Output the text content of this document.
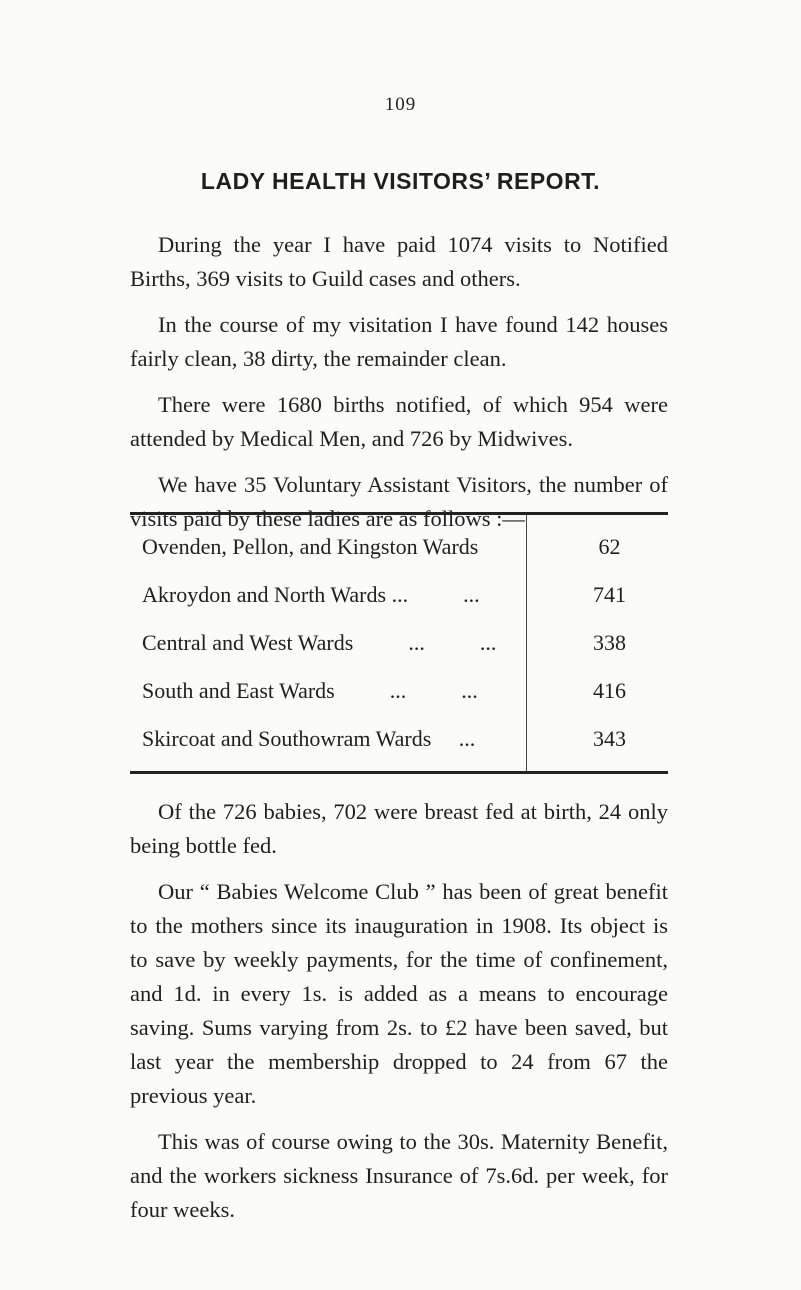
109
LADY HEALTH VISITORS’ REPORT.

During the year I have paid 1074 visits to Notified Births, 369 visits to Guild cases and others.

In the course of my visitation I have found 142 houses fairly clean, 38 dirty, the remainder clean.

There were 1680 births notified, of which 954 were attended by Medical Men, and 726 by Midwives.

We have 35 Voluntary Assistant Visitors, the number of visits paid by these ladies are as follows :—

Ovenden, Pellon, and Kingston Wards	62
Akroydon and North Wards ...          ...	741
Central and West Wards          ...          ...	338
South and East Wards          ...          ...	416
Skircoat and Southowram Wards     ...	343

Of the 726 babies, 702 were breast fed at birth, 24 only being bottle fed.

Our “ Babies Welcome Club ” has been of great benefit to the mothers since its inauguration in 1908. Its object is to save by weekly payments, for the time of confinement, and 1d. in every 1s. is added as a means to encourage saving. Sums varying from 2s. to £2 have been saved, but last year the membership dropped to 24 from 67 the previous year.

This was of course owing to the 30s. Maternity Benefit, and the workers sickness Insurance of 7s.6d. per week, for four weeks.
